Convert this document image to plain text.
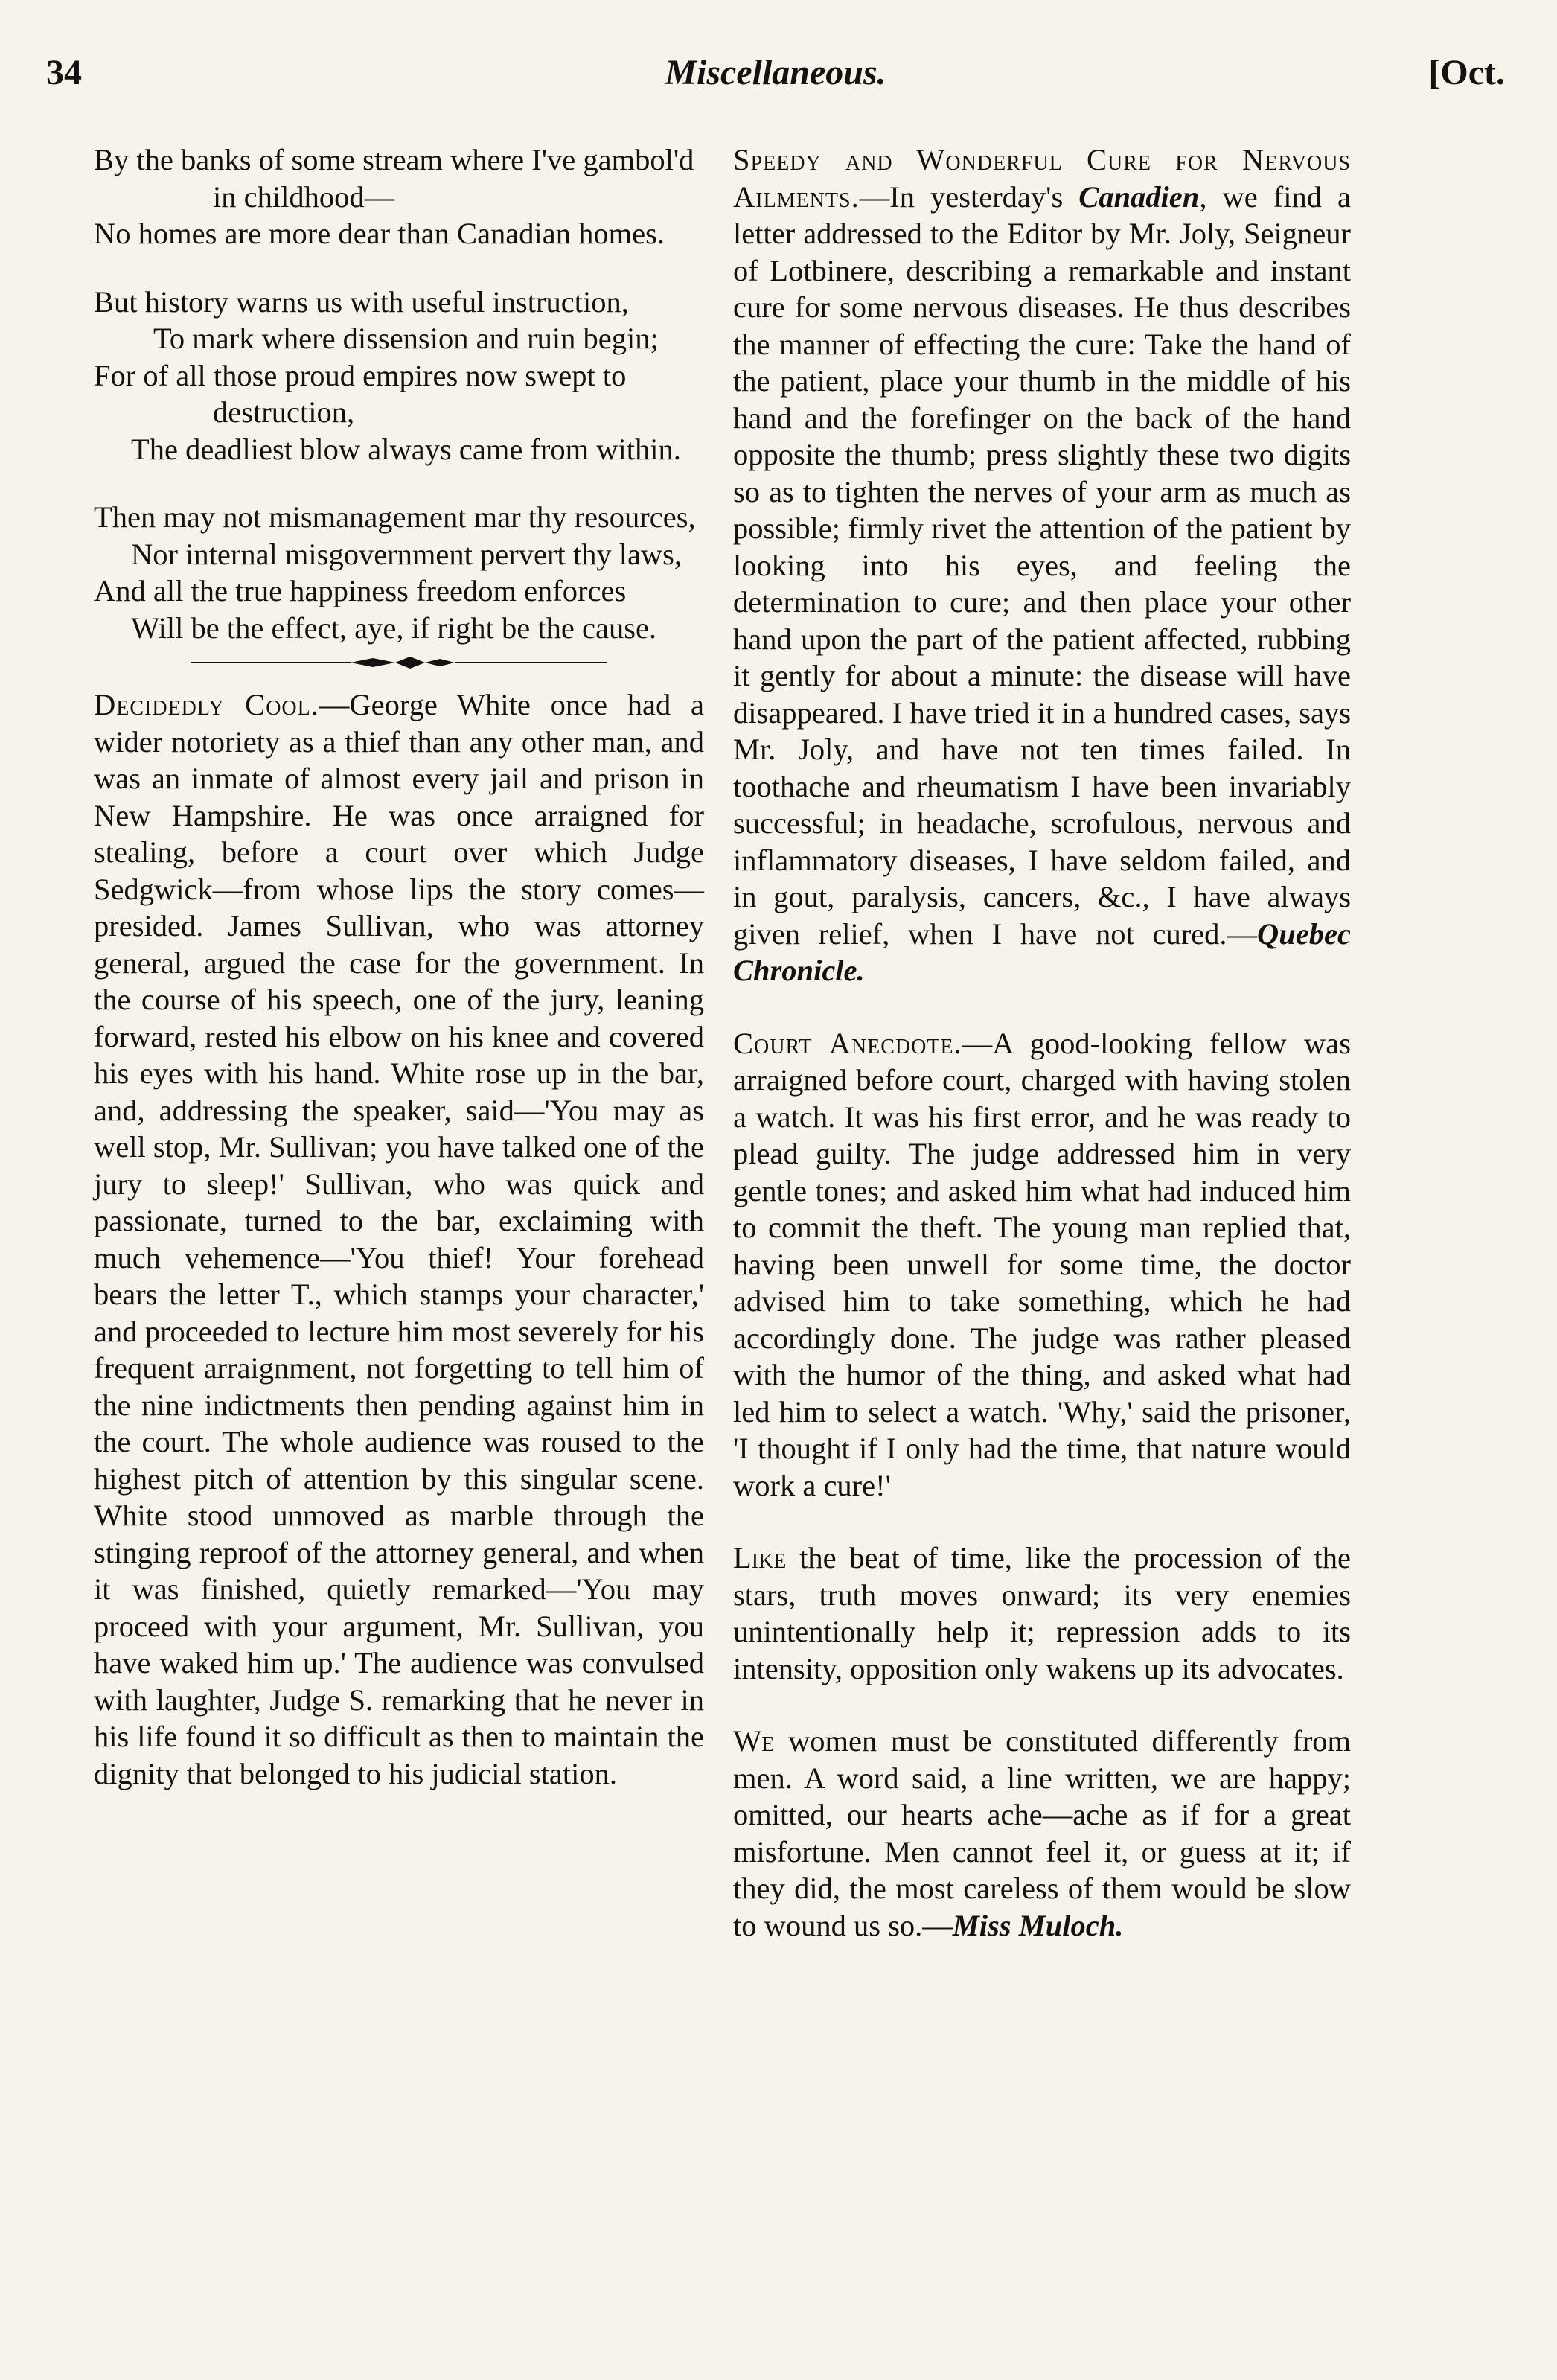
34	Miscellaneous.	[Oct.
By the banks of some stream where I've gambol'd in childhood—
No homes are more dear than Canadian homes.
But history warns us with useful instruction,
To mark where dissension and ruin begin;
For of all those proud empires now swept to destruction,
The deadliest blow always came from within.
Then may not mismanagement mar thy resources,
Nor internal misgovernment pervert thy laws,
And all the true happiness freedom enforces
Will be the effect, aye, if right be the cause.
Decidedly Cool.—George White once had a wider notoriety as a thief than any other man, and was an inmate of almost every jail and prison in New Hampshire. He was once arraigned for stealing, before a court over which Judge Sedgwick—from whose lips the story comes—presided. James Sullivan, who was attorney general, argued the case for the government. In the course of his speech, one of the jury, leaning forward, rested his elbow on his knee and covered his eyes with his hand. White rose up in the bar, and, addressing the speaker, said—'You may as well stop, Mr. Sullivan; you have talked one of the jury to sleep!' Sullivan, who was quick and passionate, turned to the bar, exclaiming with much vehemence—'You thief! Your forehead bears the letter T., which stamps your character,' and proceeded to lecture him most severely for his frequent arraignment, not forgetting to tell him of the nine indictments then pending against him in the court. The whole audience was roused to the highest pitch of attention by this singular scene. White stood unmoved as marble through the stinging reproof of the attorney general, and when it was finished, quietly remarked—'You may proceed with your argument, Mr. Sullivan, you have waked him up.' The audience was convulsed with laughter, Judge S. remarking that he never in his life found it so difficult as then to maintain the dignity that belonged to his judicial station.
Speedy and Wonderful Cure for Nervous Ailments.—In yesterday's Canadien, we find a letter addressed to the Editor by Mr. Joly, Seigneur of Lotbinere, describing a remarkable and instant cure for some nervous diseases. He thus describes the manner of effecting the cure: Take the hand of the patient, place your thumb in the middle of his hand and the forefinger on the back of the hand opposite the thumb; press slightly these two digits so as to tighten the nerves of your arm as much as possible; firmly rivet the attention of the patient by looking into his eyes, and feeling the determination to cure; and then place your other hand upon the part of the patient affected, rubbing it gently for about a minute: the disease will have disappeared. I have tried it in a hundred cases, says Mr. Joly, and have not ten times failed. In toothache and rheumatism I have been invariably successful; in headache, scrofulous, nervous and inflammatory diseases, I have seldom failed, and in gout, paralysis, cancers, &c., I have always given relief, when I have not cured.—Quebec Chronicle.
Court Anecdote.—A good-looking fellow was arraigned before court, charged with having stolen a watch. It was his first error, and he was ready to plead guilty. The judge addressed him in very gentle tones; and asked him what had induced him to commit the theft. The young man replied that, having been unwell for some time, the doctor advised him to take something, which he had accordingly done. The judge was rather pleased with the humor of the thing, and asked what had led him to select a watch. 'Why,' said the prisoner, 'I thought if I only had the time, that nature would work a cure!'
Like the beat of time, like the procession of the stars, truth moves onward; its very enemies unintentionally help it; repression adds to its intensity, opposition only wakens up its advocates.
We women must be constituted differently from men. A word said, a line written, we are happy; omitted, our hearts ache—ache as if for a great misfortune. Men cannot feel it, or guess at it; if they did, the most careless of them would be slow to wound us so.—Miss Muloch.
